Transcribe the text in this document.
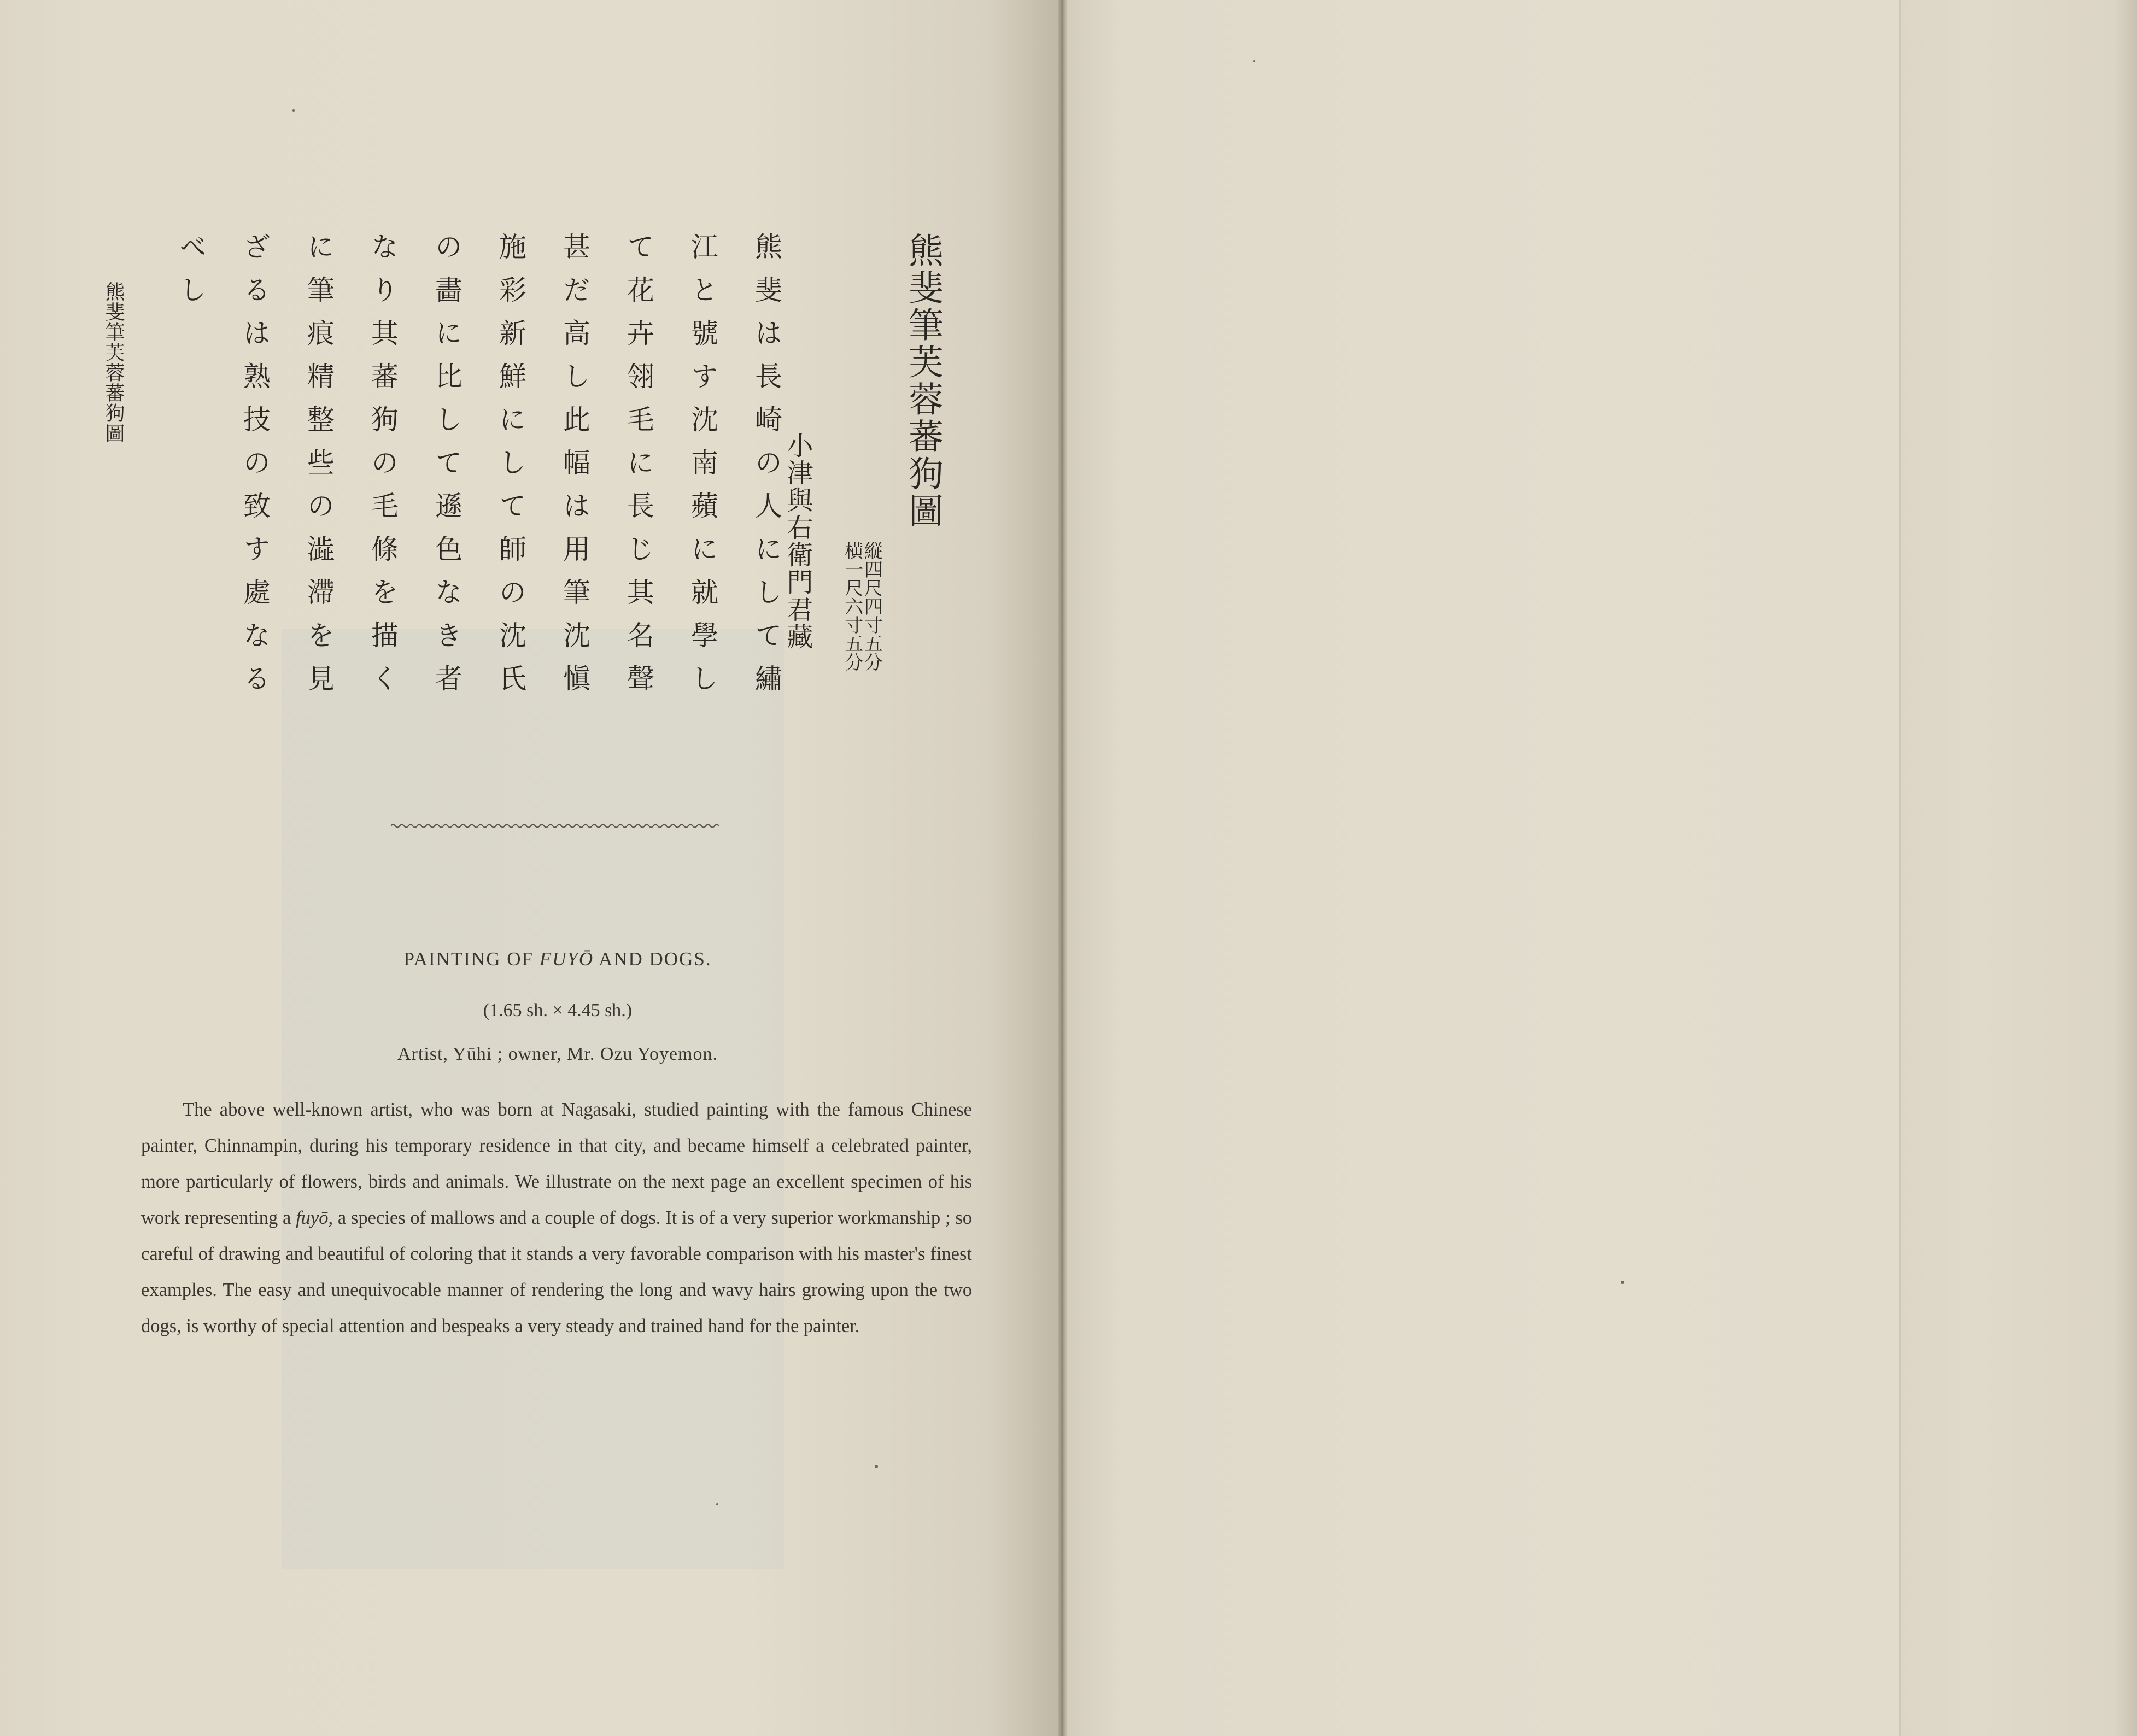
熊斐筆芙蓉蕃狗圖
縦四尺四寸五分
横一尺六寸五分
小津與右衛門君藏
熊斐は長崎の人にして繡
江と號す沈南蘋に就學し
て花卉翎毛に長じ其名聲
甚だ高し此幅は用筆沈愼
施彩新鮮にして師の沈氏
の畵に比して遜色なき者
なり其蕃狗の毛條を描く
に筆痕精整些の澁滯を見
ざるは熟技の致す處なる
べし
熊斐筆芙蓉蕃狗圖
PAINTING OF FUYŌ AND DOGS.
(1.65 sh. × 4.45 sh.)
Artist, Yūhi ; owner, Mr. Ozu Yoyemon.

The above well-known artist, who was born at Nagasaki, studied painting with the famous Chinese painter, Chinnampin, during his temporary residence in that city, and became himself a celebrated painter, more particularly of flowers, birds and animals. We illustrate on the next page an excellent specimen of his work representing a fuyō, a species of mallows and a couple of dogs. It is of a very superior workmanship ; so careful of drawing and beautiful of coloring that it stands a very favorable comparison with his master's finest examples. The easy and unequivocable manner of rendering the long and wavy hairs growing upon the two dogs, is worthy of special attention and bespeaks a very steady and trained hand for the painter.
